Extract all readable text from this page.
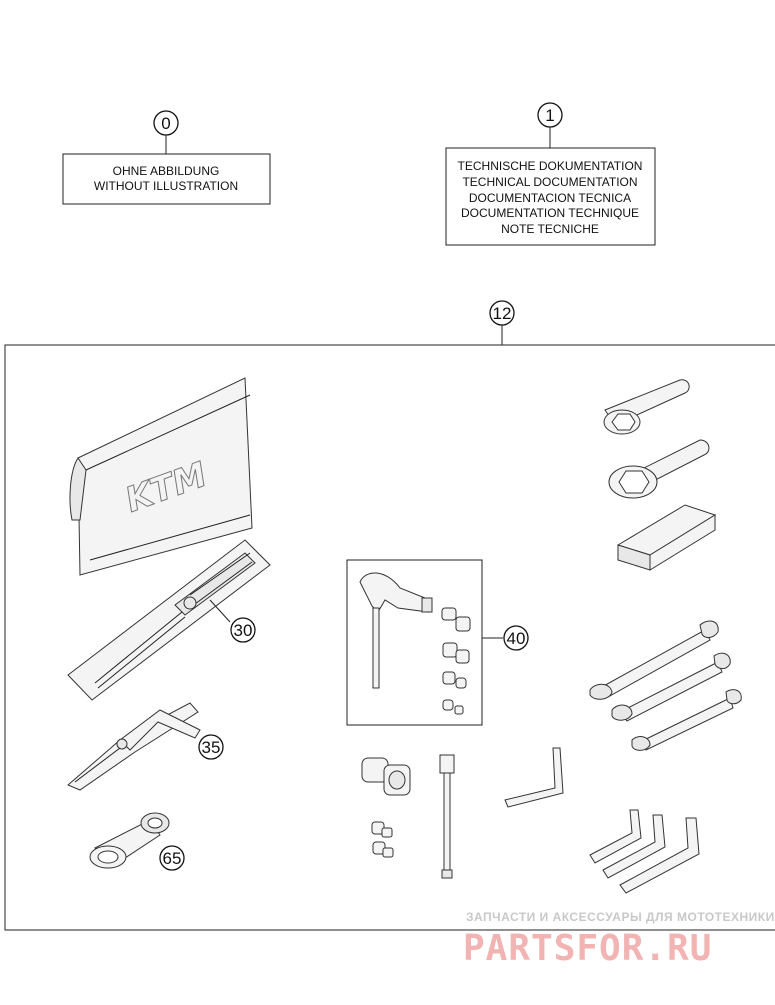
0
OHNE ABBILDUNG
WITHOUT ILLUSTRATION
1
TECHNISCHE DOKUMENTATION
TECHNICAL DOCUMENTATION
DOCUMENTACION TECNICA
DOCUMENTATION TECHNIQUE
NOTE TECNICHE
12
KTM
30
35
65
40
ЗАПЧАСТИ И АКСЕССУАРЫ ДЛЯ МОТОТЕХНИКИ
PARTSFOR.RU
